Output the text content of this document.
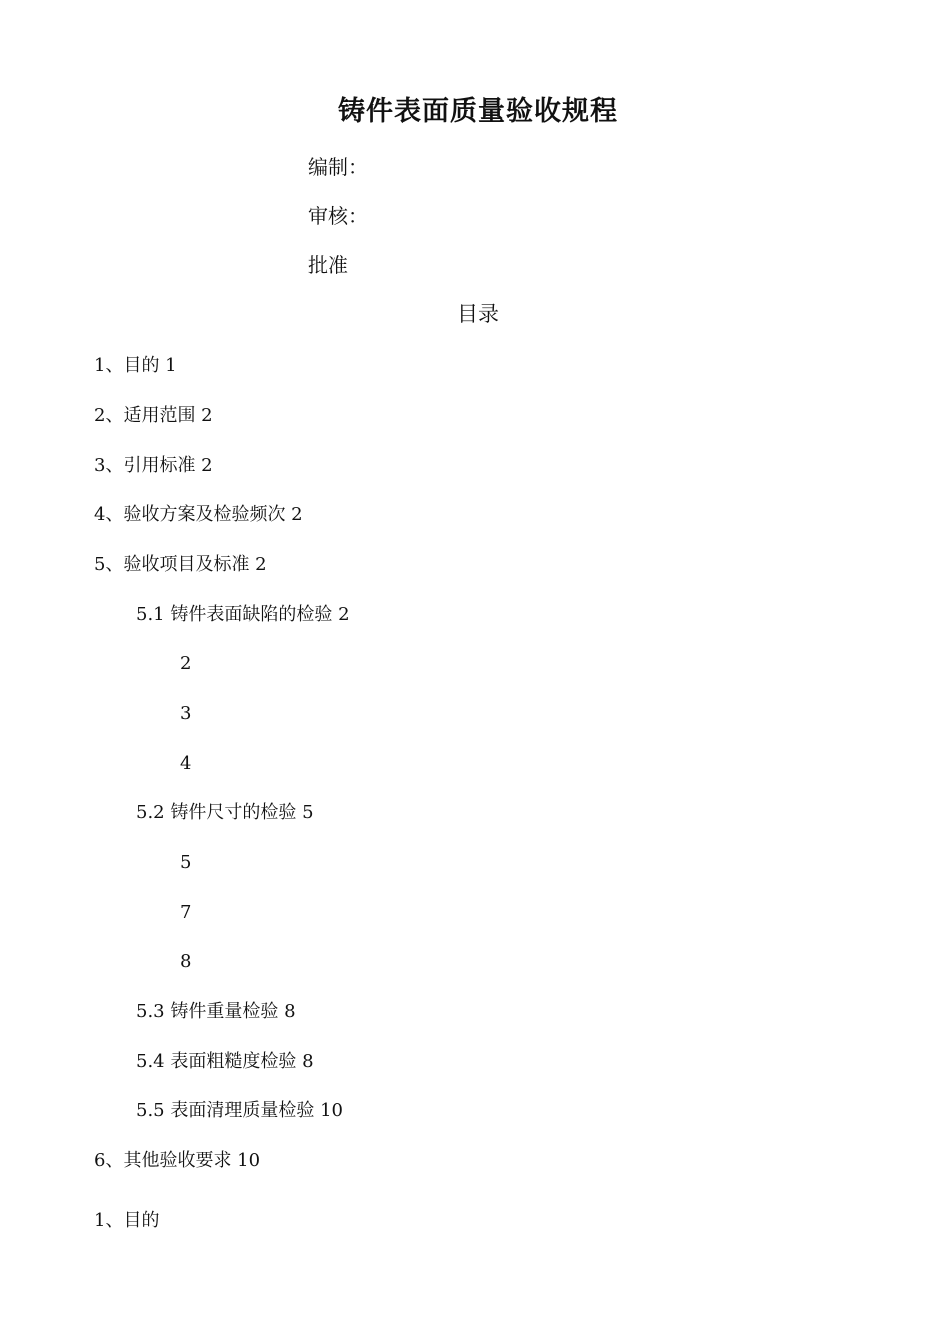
铸件表面质量验收规程
编制：
审核：
批准
目录
1、目的 1
2、适用范围 2
3、引用标准 2
4、验收方案及检验频次 2
5、验收项目及标准 2
5.1 铸件表面缺陷的检验 2
2
3
4
5.2 铸件尺寸的检验 5
5
7
8
5.3 铸件重量检验 8
5.4 表面粗糙度检验 8
5.5 表面清理质量检验 10
6、其他验收要求 10
1、目的
